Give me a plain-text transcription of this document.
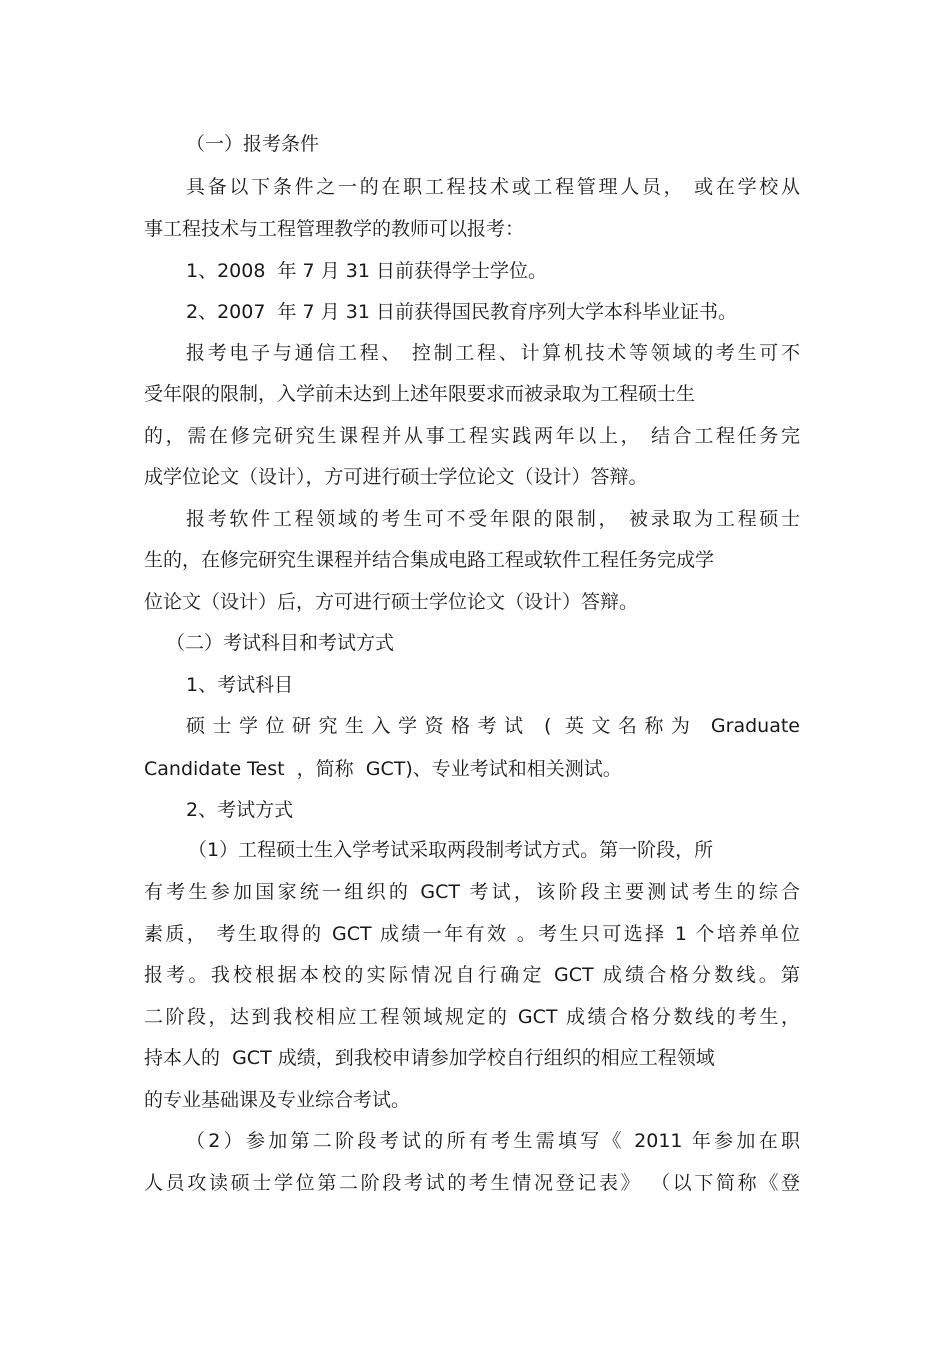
（一）报考条件
具备以下条件之一的在职工程技术或工程管理人员， 或在学校从
事工程技术与工程管理教学的教师可以报考：
1、2008  年 7 月 31 日前获得学士学位。
2、2007  年 7 月 31 日前获得国民教育序列大学本科毕业证书。
报考电子与通信工程、 控制工程、计算机技术等领域的考生可不
受年限的限制，入学前未达到上述年限要求而被录取为工程硕士生
的，需在修完研究生课程并从事工程实践两年以上， 结合工程任务完
成学位论文（设计），方可进行硕士学位论文（设计）答辩。
报考软件工程领域的考生可不受年限的限制， 被录取为工程硕士
生的，在修完研究生课程并结合集成电路工程或软件工程任务完成学
位论文（设计）后，方可进行硕士学位论文（设计）答辩。
（二）考试科目和考试方式
1、考试科目
硕士学位研究生入学资格考试 ( 英文名称为 Graduate
Candidate Test  ，简称  GCT)、专业考试和相关测试。
2、考试方式
（1）工程硕士生入学考试采取两段制考试方式。第一阶段，所
有考生参加国家统一组织的 GCT 考试，该阶段主要测试考生的综合
素质， 考生取得的 GCT 成绩一年有效 。考生只可选择 1 个培养单位
报考。我校根据本校的实际情况自行确定 GCT 成绩合格分数线。第
二阶段，达到我校相应工程领域规定的 GCT 成绩合格分数线的考生，
持本人的  GCT 成绩，到我校申请参加学校自行组织的相应工程领域
的专业基础课及专业综合考试。
（2）参加第二阶段考试的所有考生需填写《 2011 年参加在职
人员攻读硕士学位第二阶段考试的考生情况登记表》 （以下简称《登
